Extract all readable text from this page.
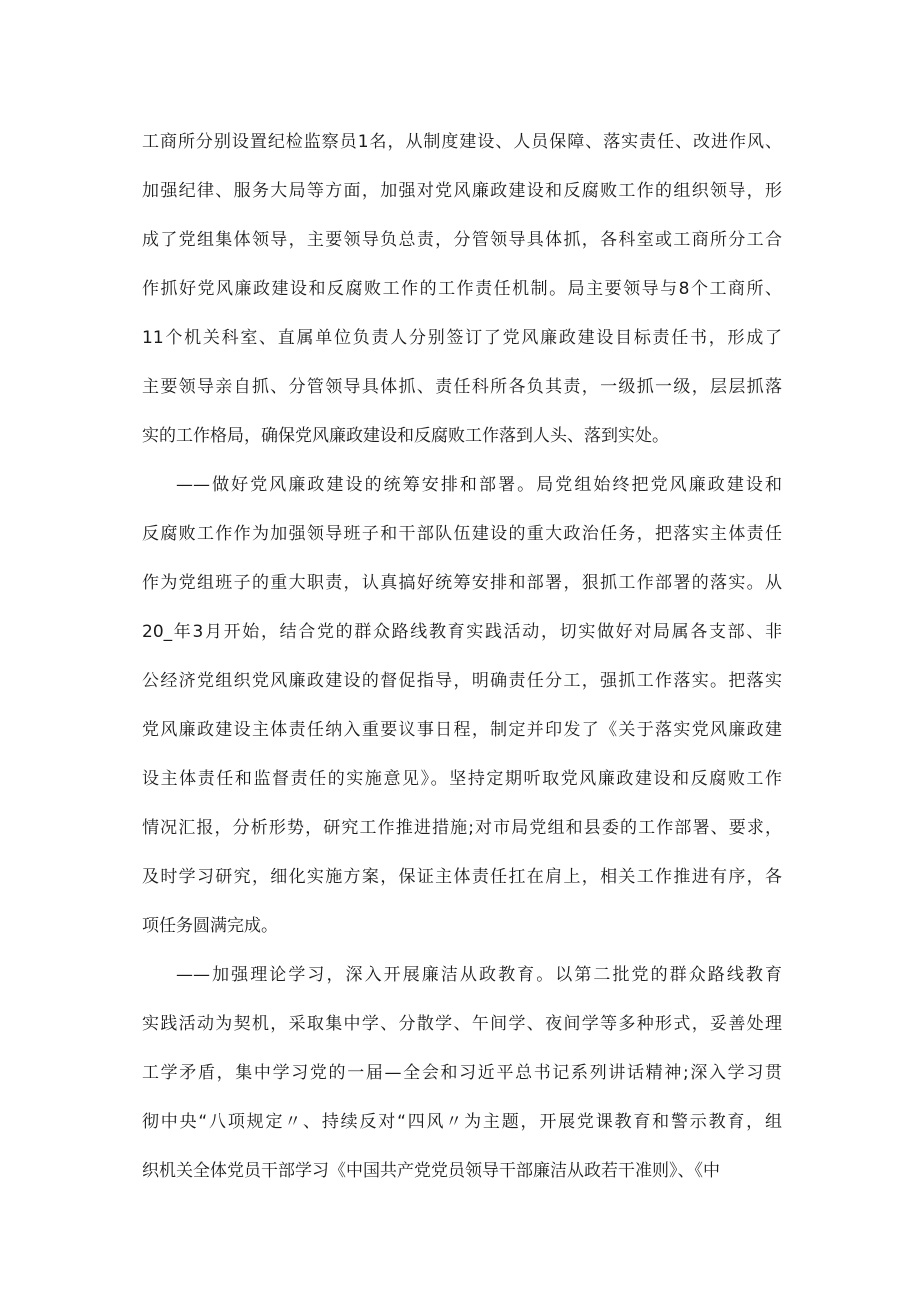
工商所分别设置纪检监察员1名，从制度建设、人员保障、落实责任、改进作风、
加强纪律、服务大局等方面，加强对党风廉政建设和反腐败工作的组织领导，形
成了党组集体领导，主要领导负总责，分管领导具体抓，各科室或工商所分工合
作抓好党风廉政建设和反腐败工作的工作责任机制。局主要领导与8个工商所、
11个机关科室、直属单位负责人分别签订了党风廉政建设目标责任书，形成了
主要领导亲自抓、分管领导具体抓、责任科所各负其责，一级抓一级，层层抓落
实的工作格局，确保党风廉政建设和反腐败工作落到人头、落到实处。
——做好党风廉政建设的统筹安排和部署。局党组始终把党风廉政建设和
反腐败工作作为加强领导班子和干部队伍建设的重大政治任务，把落实主体责任
作为党组班子的重大职责，认真搞好统筹安排和部署，狠抓工作部署的落实。从
20_年3月开始，结合党的群众路线教育实践活动，切实做好对局属各支部、非
公经济党组织党风廉政建设的督促指导，明确责任分工，强抓工作落实。把落实
党风廉政建设主体责任纳入重要议事日程，制定并印发了《关于落实党风廉政建
设主体责任和监督责任的实施意见》。坚持定期听取党风廉政建设和反腐败工作
情况汇报，分析形势，研究工作推进措施;对市局党组和县委的工作部署、要求，
及时学习研究，细化实施方案，保证主体责任扛在肩上，相关工作推进有序，各
项任务圆满完成。
——加强理论学习，深入开展廉洁从政教育。以第二批党的群众路线教育
实践活动为契机，采取集中学、分散学、午间学、夜间学等多种形式，妥善处理
工学矛盾，集中学习党的一届—全会和习近平总书记系列讲话精神;深入学习贯
彻中央“八项规定〃、持续反对“四风〃为主题，开展党课教育和警示教育，组
织机关全体党员干部学习《中国共产党党员领导干部廉洁从政若干准则》、《中
